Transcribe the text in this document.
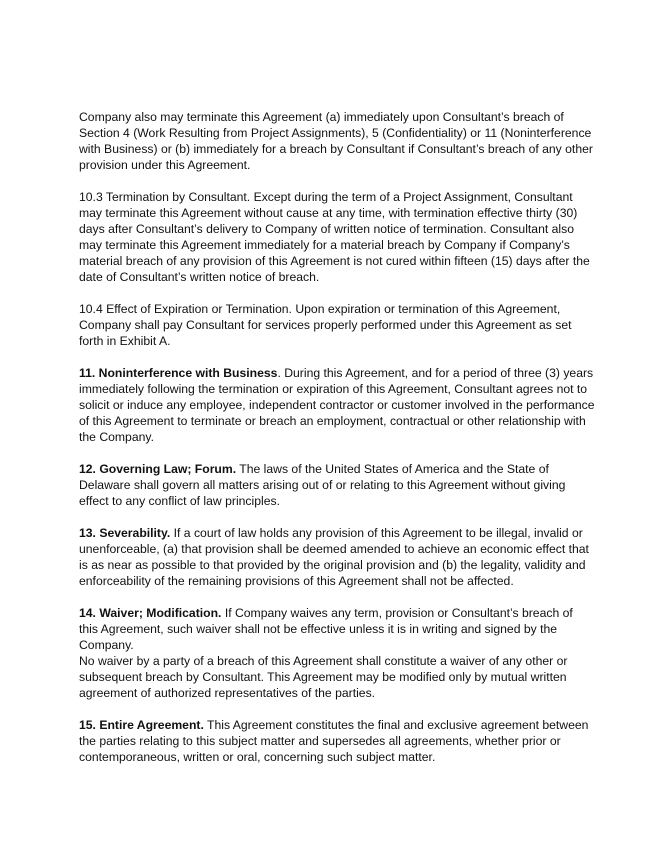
Company also may terminate this Agreement (a) immediately upon Consultant’s breach of
Section 4 (Work Resulting from Project Assignments), 5 (Confidentiality) or 11 (Noninterference
with Business) or (b) immediately for a breach by Consultant if Consultant’s breach of any other
provision under this Agreement.

10.3 Termination by Consultant. Except during the term of a Project Assignment, Consultant
may terminate this Agreement without cause at any time, with termination effective thirty (30)
days after Consultant’s delivery to Company of written notice of termination. Consultant also
may terminate this Agreement immediately for a material breach by Company if Company’s
material breach of any provision of this Agreement is not cured within fifteen (15) days after the
date of Consultant’s written notice of breach.

10.4 Effect of Expiration or Termination. Upon expiration or termination of this Agreement,
Company shall pay Consultant for services properly performed under this Agreement as set
forth in Exhibit A.

11. Noninterference with Business. During this Agreement, and for a period of three (3) years
immediately following the termination or expiration of this Agreement, Consultant agrees not to
solicit or induce any employee, independent contractor or customer involved in the performance
of this Agreement to terminate or breach an employment, contractual or other relationship with
the Company.

12. Governing Law; Forum. The laws of the United States of America and the State of
Delaware shall govern all matters arising out of or relating to this Agreement without giving
effect to any conflict of law principles.

13. Severability. If a court of law holds any provision of this Agreement to be illegal, invalid or
unenforceable, (a) that provision shall be deemed amended to achieve an economic effect that
is as near as possible to that provided by the original provision and (b) the legality, validity and
enforceability of the remaining provisions of this Agreement shall not be affected.

14. Waiver; Modification. If Company waives any term, provision or Consultant’s breach of
this Agreement, such waiver shall not be effective unless it is in writing and signed by the
Company.
No waiver by a party of a breach of this Agreement shall constitute a waiver of any other or
subsequent breach by Consultant. This Agreement may be modified only by mutual written
agreement of authorized representatives of the parties.

15. Entire Agreement. This Agreement constitutes the final and exclusive agreement between
the parties relating to this subject matter and supersedes all agreements, whether prior or
contemporaneous, written or oral, concerning such subject matter.
